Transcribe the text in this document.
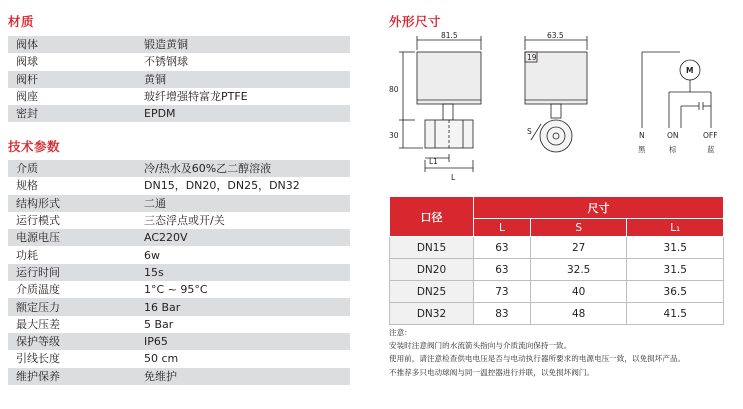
材质
阀体	锻造黄铜
阀球	不锈钢球
阀杆	黄铜
阀座	玻纤增强特富龙PTFE
密封	EPDM
技术参数
介质	冷/热水及60%乙二醇溶液
规格	DN15，DN20，DN25，DN32
结构形式	二通
运行模式	三态浮点或开/关
电源电压	AC220V
功耗	6w
运行时间	15s
介质温度	1°C ~ 95°C
额定压力	16 Bar
最大压差	5 Bar
保护等级	IP65
引线长度	50 cm
维护保养	免维护
外形尺寸
81.5	63.5
80
30
19
S
L
L1
M
N	ON	OFF
黑	棕	蓝
口径	尺寸		
	L	S	L₁
DN15	63	27	31.5
DN20	63	32.5	31.5
DN25	73	40	36.5
DN32	83	48	41.5
注意：
安装时注意阀门的水流箭头指向与介质流向保持一致。
使用前，请注意检查供电电压是否与电动执行器所要求的电源电压一致，以免损坏产品。
不推荐多只电动球阀与同一温控器进行并联，以免损坏阀门。
